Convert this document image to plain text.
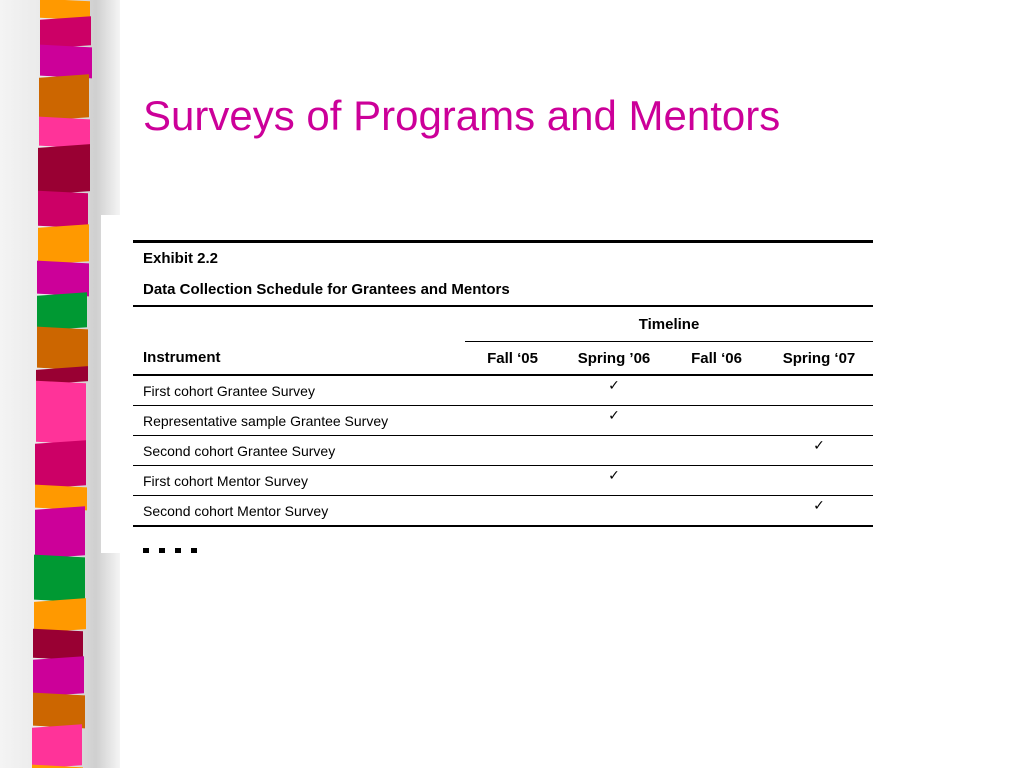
Surveys of Programs and Mentors
Exhibit 2.2
Data Collection Schedule for Grantees and Mentors
	Timeline			
Instrument	Fall ‘05	Spring ’06	Fall ‘06	Spring ‘07
First cohort Grantee Survey		✓		
Representative sample Grantee Survey		✓		
Second cohort Grantee Survey				✓
First cohort Mentor Survey		✓		
Second cohort Mentor Survey				✓
